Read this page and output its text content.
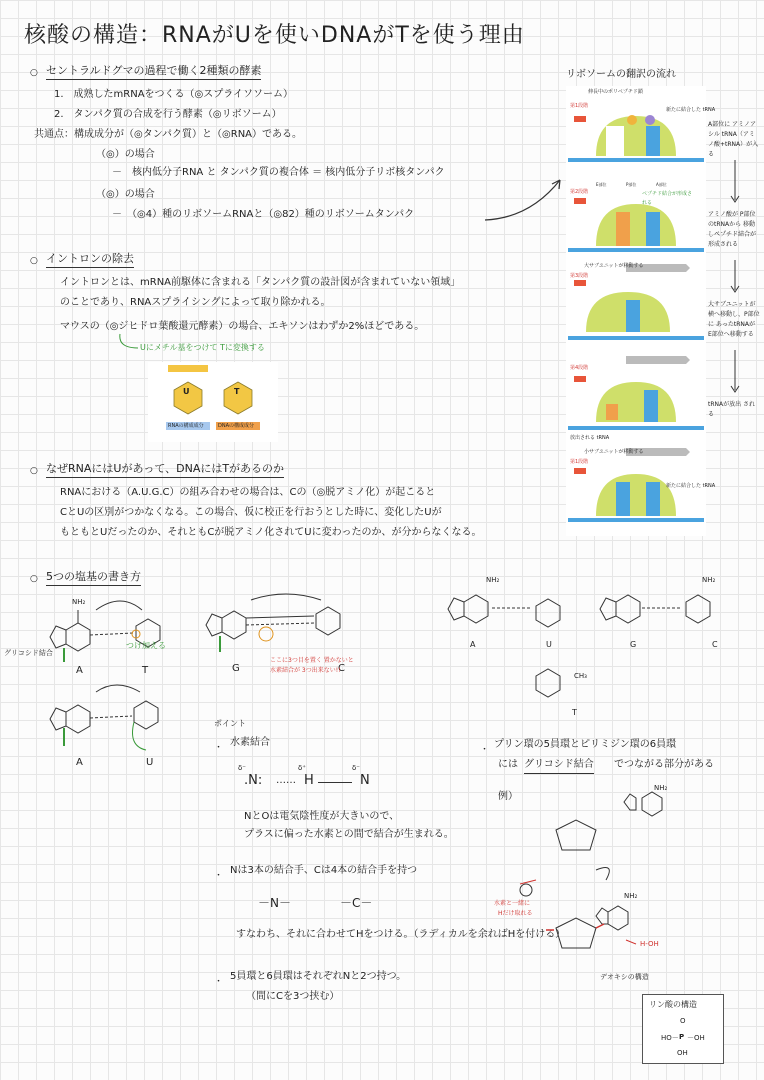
核酸の構造：RNAがUを使いDNAがTを使う理由
○ セントラルドグマの過程で働く2種類の酵素
1.　成熟したmRNAをつくる（◎スプライソソーム）
2.　タンパク質の合成を行う酵素（◎リボソーム）
共通点：構成成分が（◎タンパク質）と（◎RNA）である。
（◎）の場合
－　核内低分子RNA と タンパク質の複合体 ＝ 核内低分子リボ核タンパク
（◎）の場合
－　（◎4）種のリボソームRNAと（◎82）種のリボソームタンパク
○ イントロンの除去
イントロンとは、mRNA前駆体に含まれる「タンパク質の設計図が含まれていない領域」
のことであり、RNAスプライシングによって取り除かれる。
マウスの（◎ジヒドロ葉酸還元酵素）の場合、エキソンはわずか2%ほどである。
Uにメチル基をつけて Tに変換する
U	T
RNAの構成成分	DNAの構成成分
○ なぜRNAにはUがあって、DNAにはTがあるのか
RNAにおける（A.U.G.C）の組み合わせの場合は、Cの（◎脱アミノ化）が起こると
CとUの区別がつかなくなる。この場合、仮に校正を行おうとした時に、変化したUが
もともとUだったのか、それともCが脱アミノ化されてUに変わったのか、が分からなくなる。
○ 5つの塩基の書き方
NH₂
グリコシド結合
つけ加える
A	T	G	C
ここに3つ目を置く 置かないと水素結合が 3つ出来ない!!
A	U
NH₂	NH₂
CH₃
A	U	G	C
T
ポイント
・ 水素結合
δ⁻	δ⁺	δ⁻
.N: …… H	N
NとOは電気陰性度が大きいので、
プラスに偏った水素との間で結合が生まれる。
・ Nは3本の結合手、Cは4本の結合手を持つ
－N－	－C－
すなわち、それに合わせてHをつける。（ラディカルを余ればHを付ける）
・ 5員環と6員環はそれぞれNと2つ持つ。
（間にCを3つ挟む）
・ プリン環の5員環とピリミジン環の6員環
には グリコシド結合 でつながる部分がある
例）
NH₂
NH₂
水素と一緒に
Hだけ取れる
H-OH
デオキシの構造
リン酸の構造
O
HO－ P －OH
OH
リボソームの翻訳の流れ
伸長中のポリペプチド鎖
新たに結合した tRNA
第1段階
E部位	P部位	A部位
第2段階
第3段階
大サブユニットが移動する
第4段階
放出される tRNA
小サブユニットが移動する
第1段階
新たに結合した tRNA
A部位に アミノアシル tRNA（アミノ酸+tRNA）が入る
アミノ酸が P部位のtRNAから 移動しペプチド結合が 形成される
大サブユニットが 横へ移動し、P部位に あったtRNAが E部位へ移動する
tRNAが放出 される
ペプチド結合が形成される
